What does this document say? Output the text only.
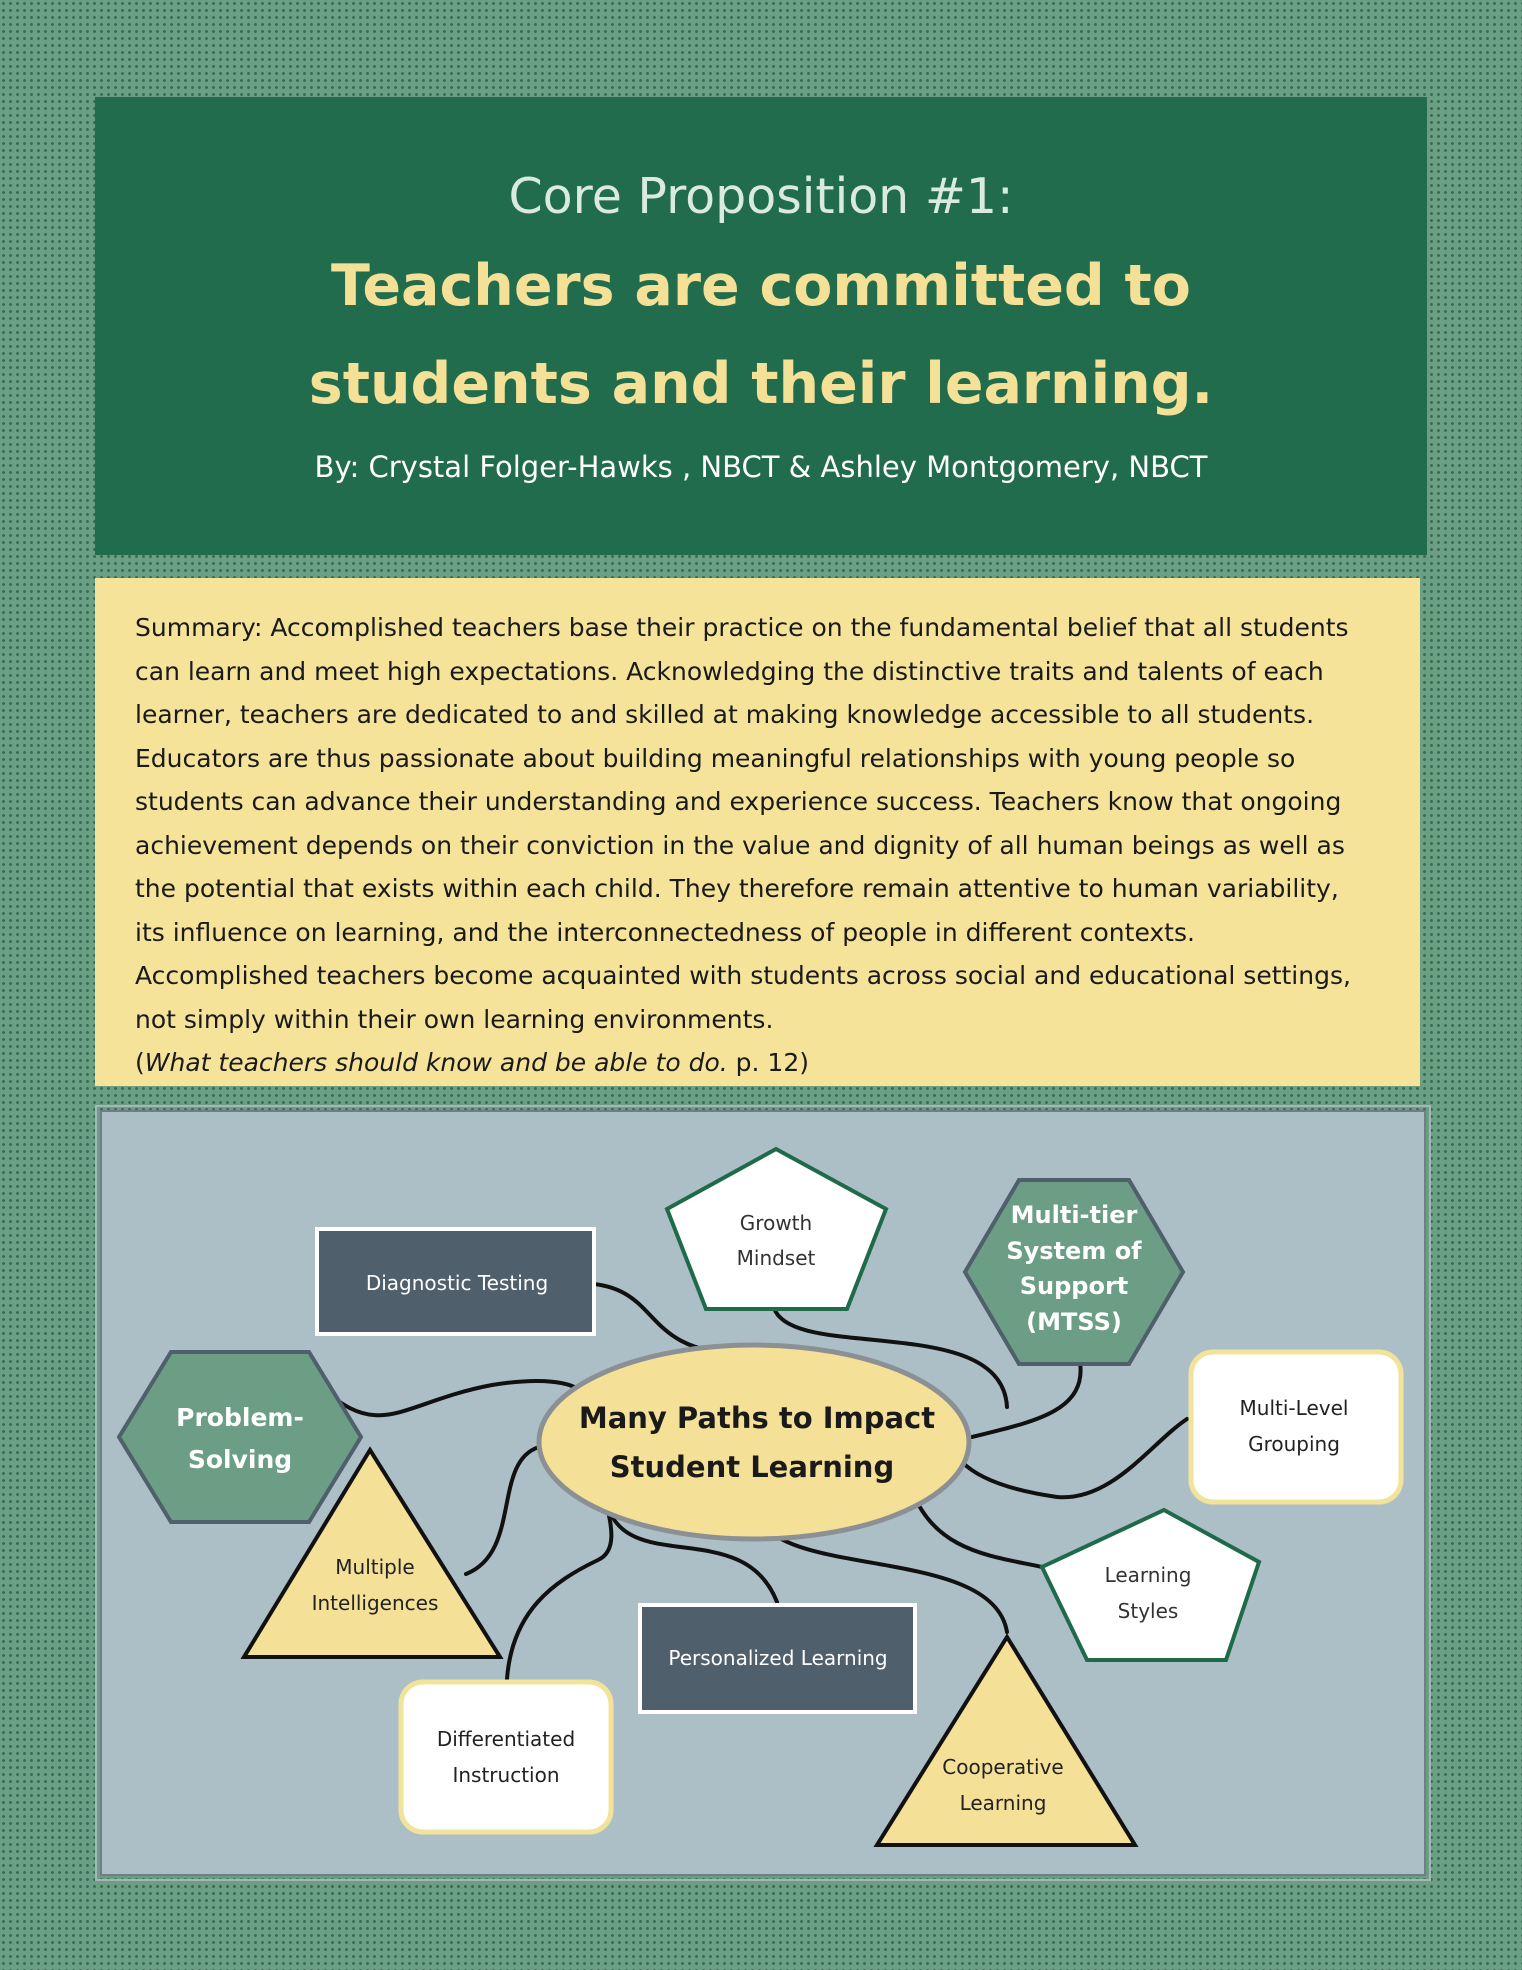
Core Proposition #1:
Teachers are committed to
students and their learning.
By: Crystal Folger-Hawks , NBCT & Ashley Montgomery, NBCT

Summary: Accomplished teachers base their practice on the fundamental belief that all students can learn and meet high expectations. Acknowledging the distinctive traits and talents of each learner, teachers are dedicated to and skilled at making knowledge accessible to all students. Educators are thus passionate about building meaningful relationships with young people so students can advance their understanding and experience success. Teachers know that ongoing achievement depends on their conviction in the value and dignity of all human beings as well as the potential that exists within each child. They therefore remain attentive to human variability, its influence on learning, and the interconnectedness of people in different contexts. Accomplished teachers become acquainted with students across social and educational settings, not simply within their own learning environments.
(What teachers should know and be able to do. p. 12)

Many Paths to Impact
Student Learning
Diagnostic Testing
Growth
Mindset
Multi-tier
System of
Support
(MTSS)
Problem-
Solving
Multi-Level
Grouping
Learning
Styles
Multiple
Intelligences
Personalized Learning
Differentiated
Instruction	Cooperative
Learning
